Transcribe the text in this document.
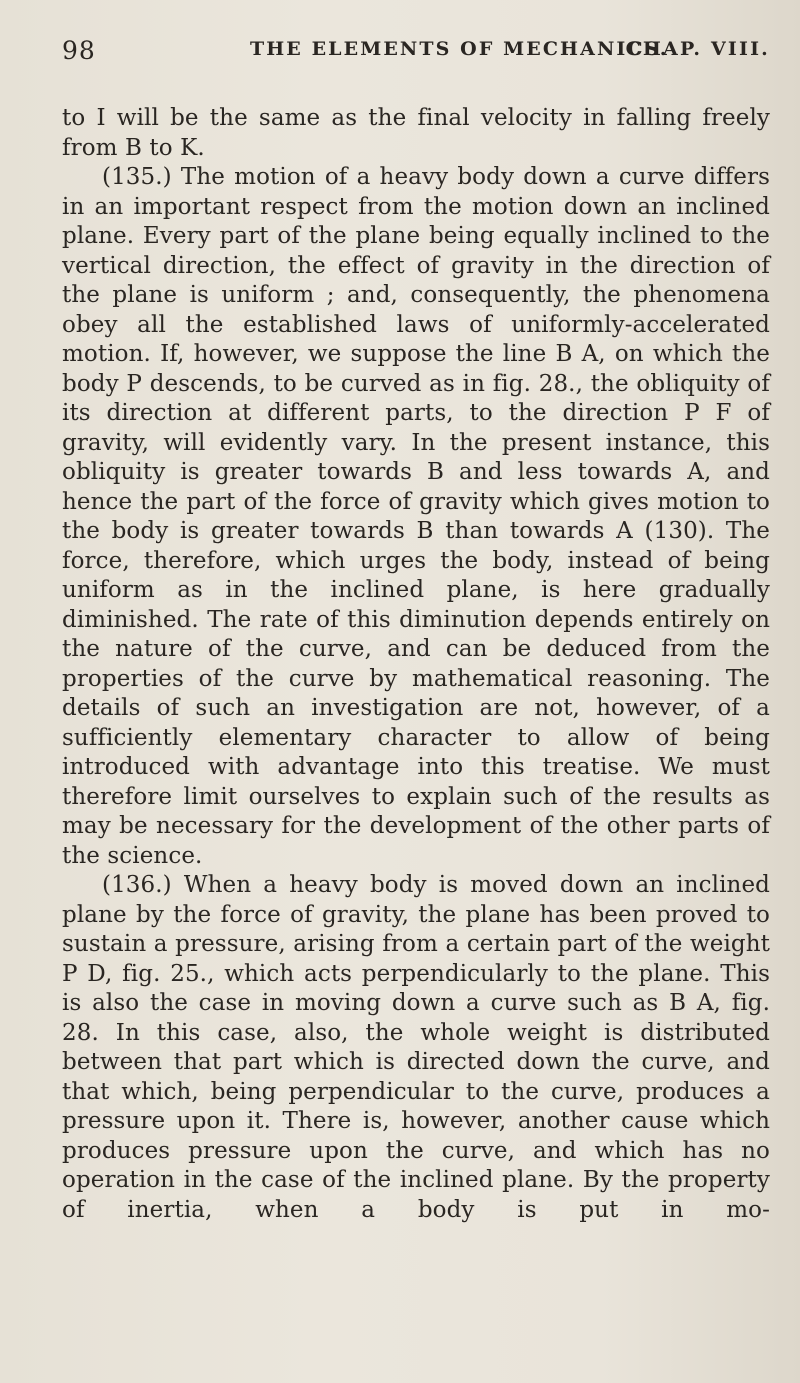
98	THE ELEMENTS OF MECHANICS.
CHAP. VIII.

to I will be the same as the final velocity in falling freely from B to K.

(135.) The motion of a heavy body down a curve differs in an important respect from the motion down an inclined plane. Every part of the plane being equally inclined to the vertical direction, the effect of gravity in the direction of the plane is uniform ; and, consequently, the phenomena obey all the established laws of uniformly-accelerated motion. If, however, we suppose the line B A, on which the body P descends, to be curved as in fig. 28., the obliquity of its direction at different parts, to the direction P F of gravity, will evidently vary. In the present instance, this obliquity is greater towards B and less towards A, and hence the part of the force of gravity which gives motion to the body is greater towards B than towards A (130). The force, therefore, which urges the body, instead of being uniform as in the inclined plane, is here gradually diminished. The rate of this diminution depends entirely on the nature of the curve, and can be deduced from the properties of the curve by mathematical reasoning. The details of such an investigation are not, however, of a sufficiently elementary character to allow of being introduced with advantage into this treatise. We must therefore limit ourselves to explain such of the results as may be necessary for the development of the other parts of the science.

(136.) When a heavy body is moved down an inclined plane by the force of gravity, the plane has been proved to sustain a pressure, arising from a certain part of the weight P D, fig. 25., which acts perpendicularly to the plane. This is also the case in moving down a curve such as B A, fig. 28. In this case, also, the whole weight is distributed between that part which is directed down the curve, and that which, being perpendicular to the curve, produces a pressure upon it. There is, however, another cause which produces pressure upon the curve, and which has no operation in the case of the inclined plane. By the property of inertia, when a body is put in mo-
